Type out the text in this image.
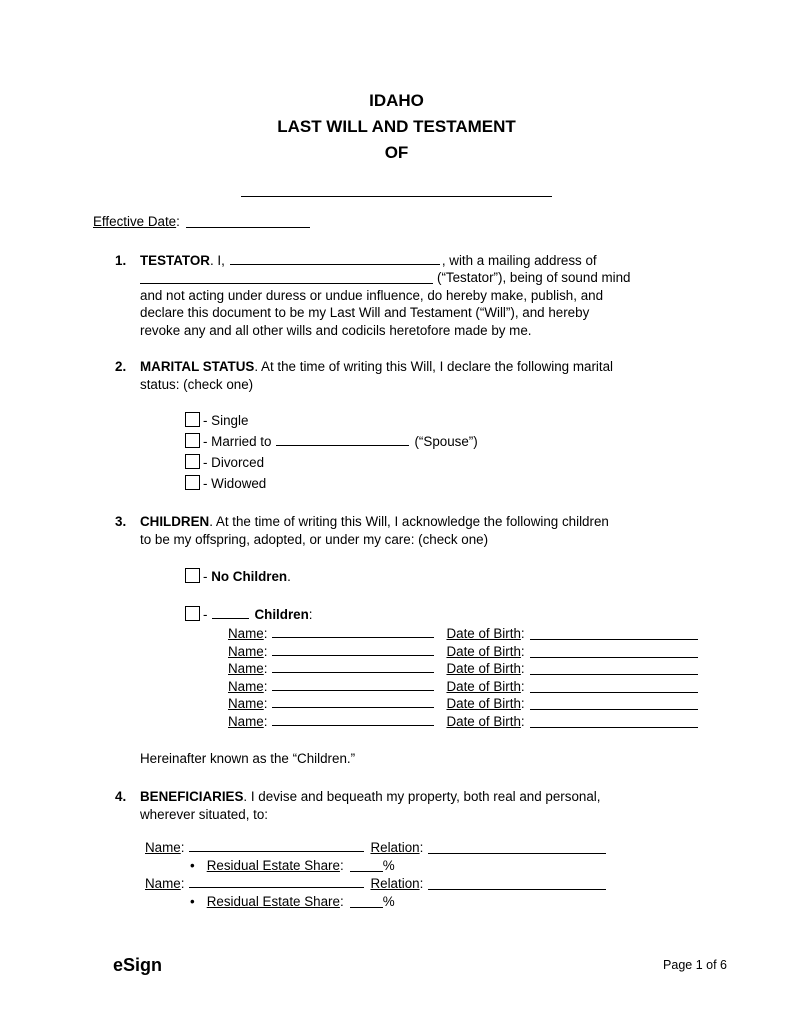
IDAHO
LAST WILL AND TESTAMENT
OF
Effective Date:
1.	TESTATOR. I,	, with a mailing address of
(“Testator”), being of sound mind
and not acting under duress or undue influence, do hereby make, publish, and
declare this document to be my Last Will and Testament (“Will”), and hereby
revoke any and all other wills and codicils heretofore made by me.
2.	MARITAL STATUS. At the time of writing this Will, I declare the following marital
status: (check one)
- Single
- Married to	(“Spouse”)
- Divorced
- Widowed
3.	CHILDREN. At the time of writing this Will, I acknowledge the following children
to be my offspring, adopted, or under my care: (check one)
- No Children.
-	Children:
Name:	Date of Birth:
Name:	Date of Birth:
Name:	Date of Birth:
Name:	Date of Birth:
Name:	Date of Birth:
Name:	Date of Birth:
Hereinafter known as the “Children.”
4.	BENEFICIARIES. I devise and bequeath my property, both real and personal,
wherever situated, to:
Name:	Relation:
• Residual Estate Share:	%
Name:	Relation:
• Residual Estate Share:	%
eSign	Page 1 of 6
